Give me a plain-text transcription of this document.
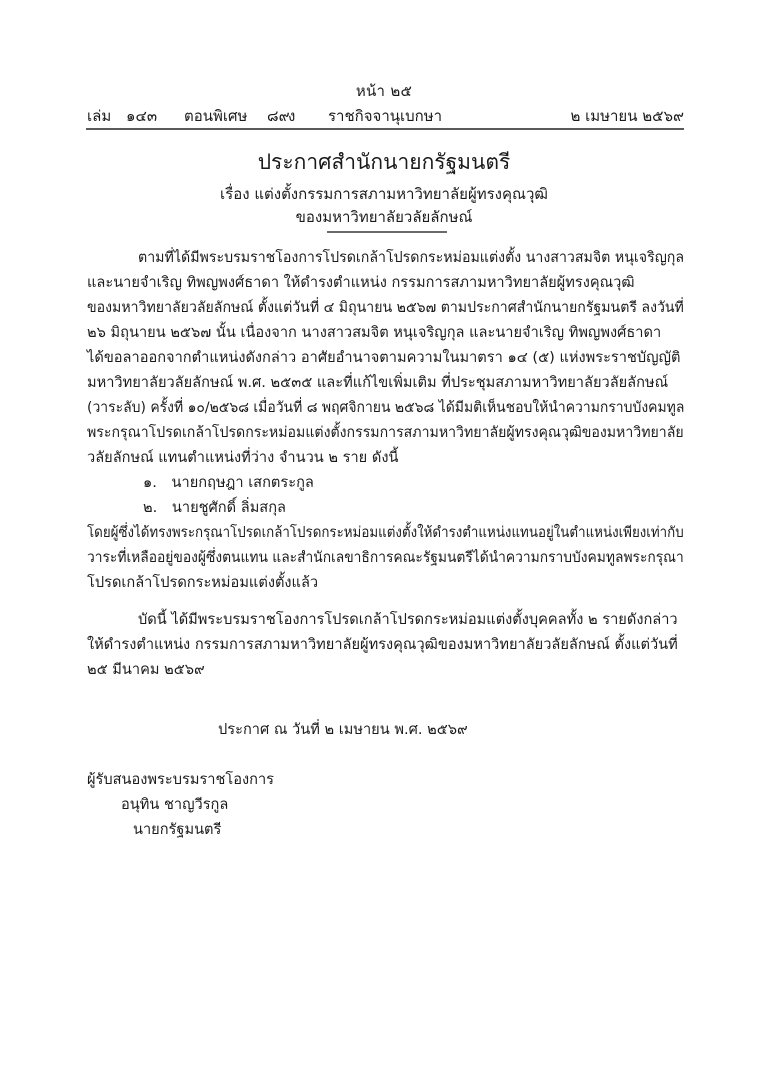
หน้า ๒๕
เล่ม ๑๔๓ ตอนพิเศษ ๘๙
ง ราชกิจจานุเบกษา	๒ เมษายน ๒๕๖๙
ประกาศสำนักนายกรัฐมนตรี
เรื่อง แต่งตั้งกรรมการสภามหาวิทยาลัยผู้ทรงคุณวุฒิ
ของมหาวิทยาลัยวลัยลักษณ์
ตามที่ได้มีพระบรมราชโองการโปรดเกล้าโปรดกระหม่อมแต่งตั้ง นางสาวสมจิต หนุเจริญกุล
และนายจำเริญ ทิพญพงศ์ธาดา ให้ดำรงตำแหน่ง กรรมการสภามหาวิทยาลัยผู้ทรงคุณวุฒิ
ของมหาวิทยาลัยวลัยลักษณ์ ตั้งแต่วันที่ ๔ มิถุนายน ๒๕๖๗ ตามประกาศสำนักนายกรัฐมนตรี ลงวันที่
๒๖ มิถุนายน ๒๕๖๗ นั้น เนื่องจาก นางสาวสมจิต หนุเจริญกุล และนายจำเริญ ทิพญพงศ์ธาดา
ได้ขอลาออกจากตำแหน่งดังกล่าว อาศัยอำนาจตามความในมาตรา ๑๔ (๕) แห่งพระราชบัญญัติ
มหาวิทยาลัยวลัยลักษณ์ พ.ศ. ๒๕๓๕ และที่แก้ไขเพิ่มเติม ที่ประชุมสภามหาวิทยาลัยวลัยลักษณ์
(วาระลับ) ครั้งที่ ๑๐/๒๕๖๘ เมื่อวันที่ ๘ พฤศจิกายน ๒๕๖๘ ได้มีมติเห็นชอบให้นำความกราบบังคมทูล
พระกรุณาโปรดเกล้าโปรดกระหม่อมแต่งตั้งกรรมการสภามหาวิทยาลัยผู้ทรงคุณวุฒิของมหาวิทยาลัย
วลัยลักษณ์ แทนตำแหน่งที่ว่าง จำนวน ๒ ราย ดังนี้
๑. นายกฤษฎา เสกตระกูล
๒. นายชูศักดิ์ ลิ่มสกุล
โดยผู้ซึ่งได้ทรงพระกรุณาโปรดเกล้าโปรดกระหม่อมแต่งตั้งให้ดำรงตำแหน่งแทนอยู่ในตำแหน่งเพียงเท่ากับ
วาระที่เหลืออยู่ของผู้ซึ่งตนแทน และสำนักเลขาธิการคณะรัฐมนตรีได้นำความกราบบังคมทูลพระกรุณา
โปรดเกล้าโปรดกระหม่อมแต่งตั้งแล้ว
บัดนี้ ได้มีพระบรมราชโองการโปรดเกล้าโปรดกระหม่อมแต่งตั้งบุคคลทั้ง ๒ รายดังกล่าว
ให้ดำรงตำแหน่ง กรรมการสภามหาวิทยาลัยผู้ทรงคุณวุฒิของมหาวิทยาลัยวลัยลักษณ์ ตั้งแต่วันที่
๒๕ มีนาคม ๒๕๖๙
ประกาศ ณ วันที่ ๒ เมษายน พ.ศ. ๒๕๖๙
ผู้รับสนองพระบรมราชโองการ
อนุทิน ชาญวีรกูล
นายกรัฐมนตรี
